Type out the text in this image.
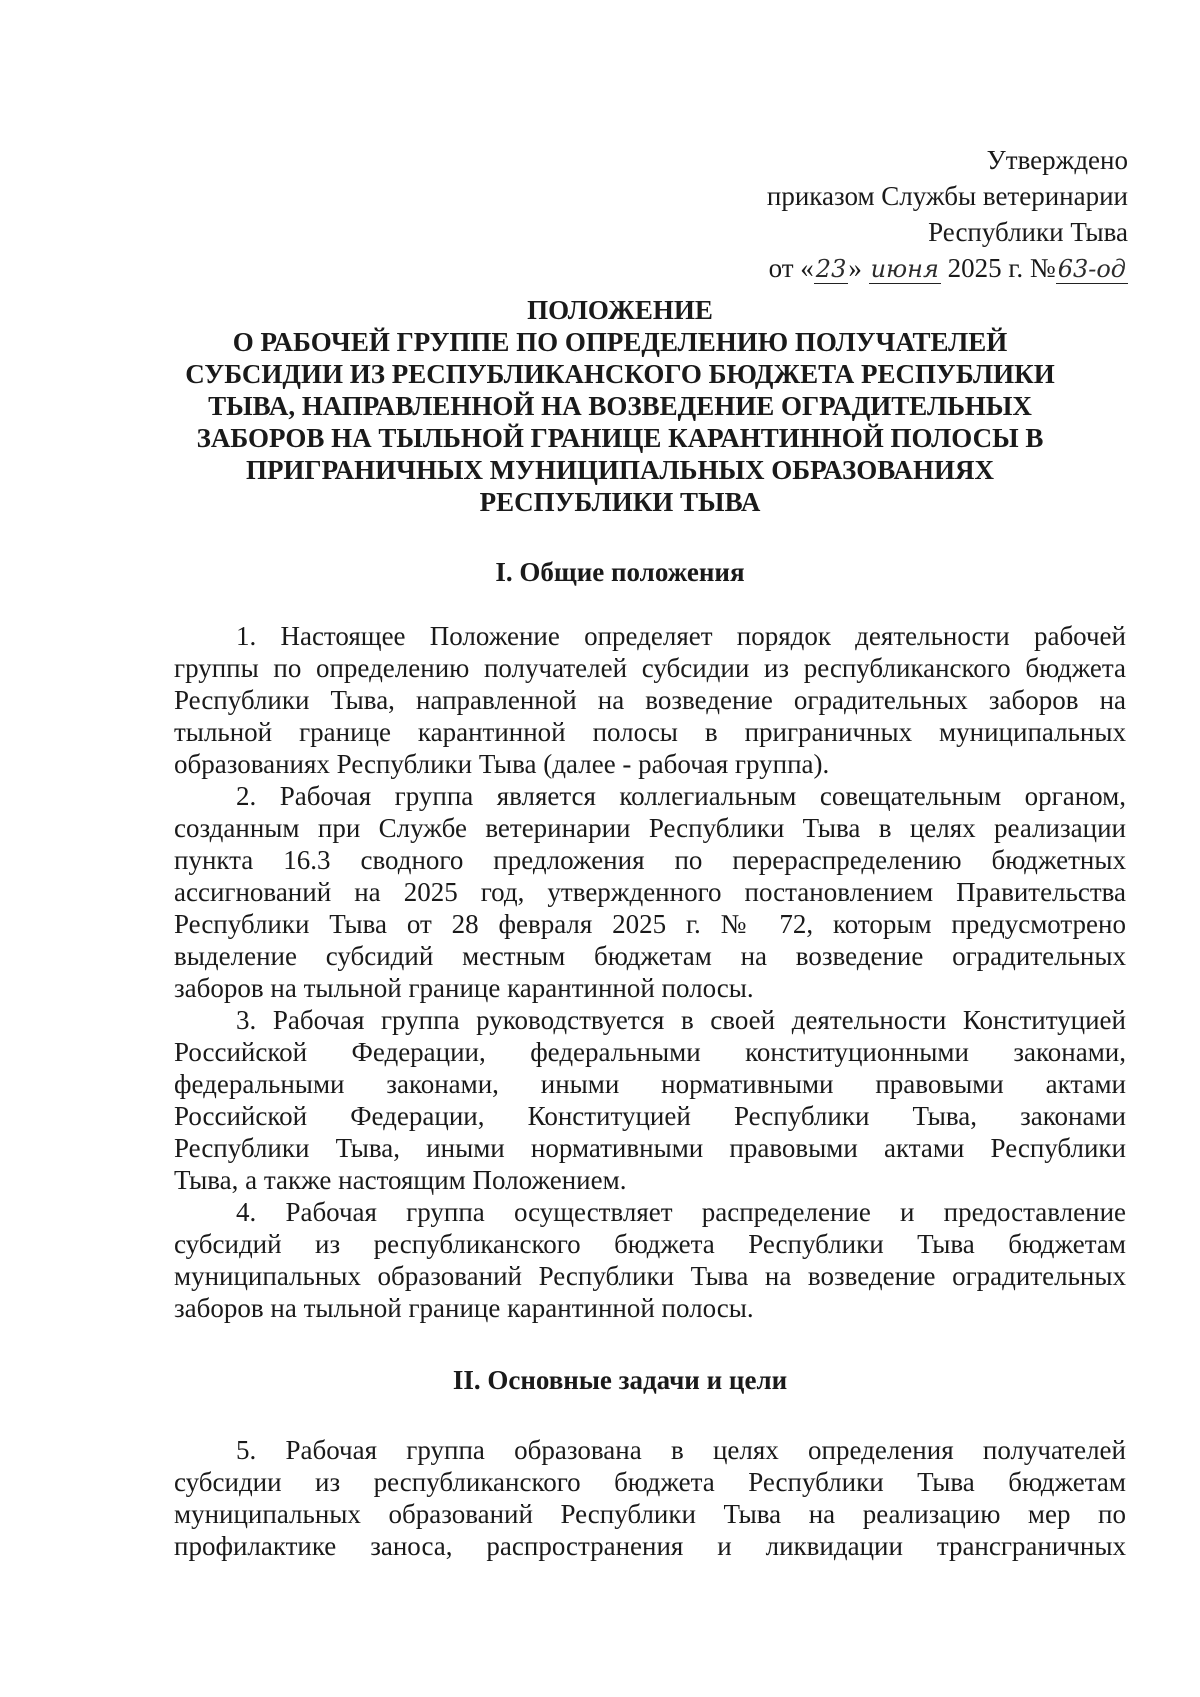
Утверждено
приказом Службы ветеринарии
Республики Тыва
от «23» июня 2025 г. №63-од
ПОЛОЖЕНИЕ
О РАБОЧЕЙ ГРУППЕ ПО ОПРЕДЕЛЕНИЮ ПОЛУЧАТЕЛЕЙ
СУБСИДИИ ИЗ РЕСПУБЛИКАНСКОГО БЮДЖЕТА РЕСПУБЛИКИ
ТЫВА, НАПРАВЛЕННОЙ НА ВОЗВЕДЕНИЕ ОГРАДИТЕЛЬНЫХ
ЗАБОРОВ НА ТЫЛЬНОЙ ГРАНИЦЕ КАРАНТИННОЙ ПОЛОСЫ В
ПРИГРАНИЧНЫХ МУНИЦИПАЛЬНЫХ ОБРАЗОВАНИЯХ
РЕСПУБЛИКИ ТЫВА
I. Общие положения
1. Настоящее Положение определяет порядок деятельности рабочей
группы по определению получателей субсидии из республиканского бюджета
Республики Тыва, направленной на возведение оградительных заборов на
тыльной границе карантинной полосы в приграничных муниципальных
образованиях Республики Тыва (далее - рабочая группа).
2. Рабочая группа является коллегиальным совещательным органом,
созданным при Службе ветеринарии Республики Тыва в целях реализации
пункта 16.3 сводного предложения по перераспределению бюджетных
ассигнований на 2025 год, утвержденного постановлением Правительства
Республики Тыва от 28 февраля 2025 г. № 72, которым предусмотрено
выделение субсидий местным бюджетам на возведение оградительных
заборов на тыльной границе карантинной полосы.
3. Рабочая группа руководствуется в своей деятельности Конституцией
Российской Федерации, федеральными конституционными законами,
федеральными законами, иными нормативными правовыми актами
Российской Федерации, Конституцией Республики Тыва, законами
Республики Тыва, иными нормативными правовыми актами Республики
Тыва, а также настоящим Положением.
4. Рабочая группа осуществляет распределение и предоставление
субсидий из республиканского бюджета Республики Тыва бюджетам
муниципальных образований Республики Тыва на возведение оградительных
заборов на тыльной границе карантинной полосы.
II. Основные задачи и цели
5. Рабочая группа образована в целях определения получателей
субсидии из республиканского бюджета Республики Тыва бюджетам
муниципальных образований Республики Тыва на реализацию мер по
профилактике заноса, распространения и ликвидации трансграничных
